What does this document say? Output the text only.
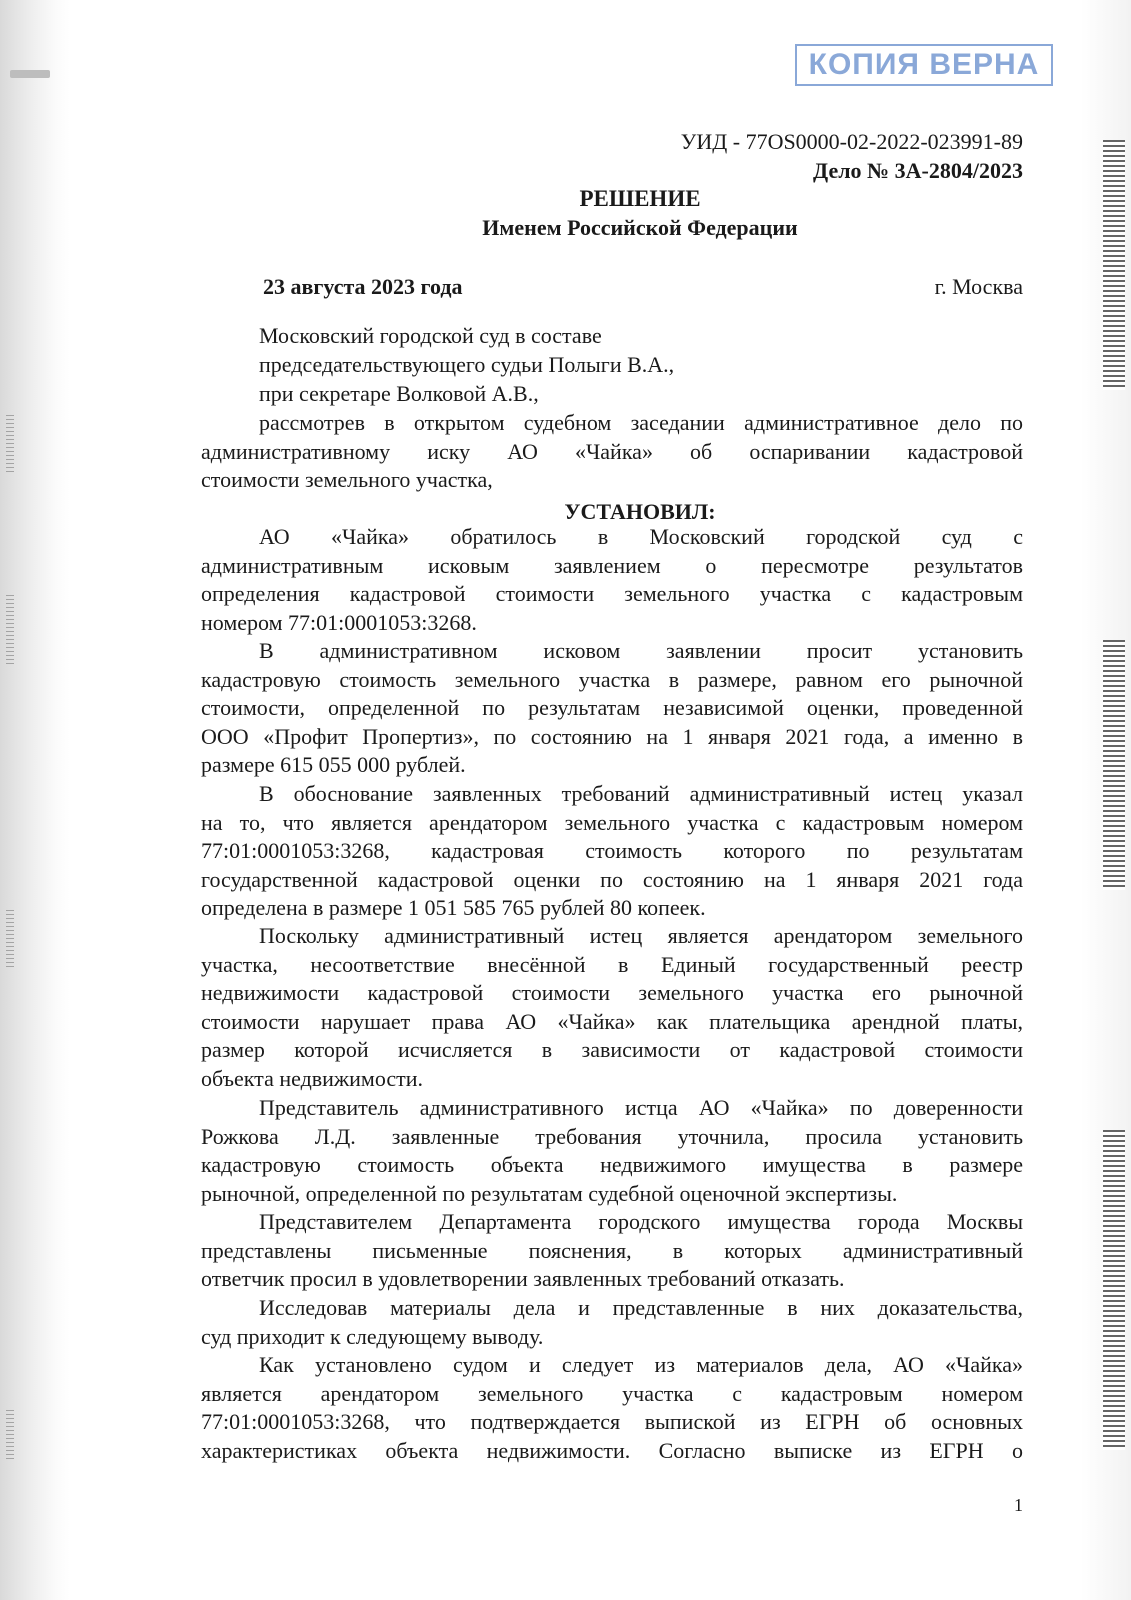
КОПИЯ ВЕРНА
УИД - 77OS0000-02-2022-023991-89
Дело № 3А-2804/2023
РЕШЕНИЕ
Именем Российской Федерации
23 августа 2023 года	г. Москва
Московский городской суд в составе
председательствующего судьи Полыги В.А.,
при секретаре Волковой А.В.,
рассмотрев в открытом судебном заседании административное дело по
административному иску АО «Чайка» об оспаривании кадастровой
стоимости земельного участка,
УСТАНОВИЛ:
АО «Чайка» обратилось в Московский городской суд с
административным исковым заявлением о пересмотре результатов
определения кадастровой стоимости земельного участка с кадастровым
номером 77:01:0001053:3268.
В административном исковом заявлении просит установить
кадастровую стоимость земельного участка в размере, равном его рыночной
стоимости, определенной по результатам независимой оценки, проведенной
ООО «Профит Пропертиз», по состоянию на 1 января 2021 года, а именно в
размере 615 055 000 рублей.
В обоснование заявленных требований административный истец указал
на то, что является арендатором земельного участка с кадастровым номером
77:01:0001053:3268, кадастровая стоимость которого по результатам
государственной кадастровой оценки по состоянию на 1 января 2021 года
определена в размере 1 051 585 765 рублей 80 копеек.
Поскольку административный истец является арендатором земельного
участка, несоответствие внесённой в Единый государственный реестр
недвижимости кадастровой стоимости земельного участка его рыночной
стоимости нарушает права АО «Чайка» как плательщика арендной платы,
размер которой исчисляется в зависимости от кадастровой стоимости
объекта недвижимости.
Представитель административного истца АО «Чайка» по доверенности
Рожкова Л.Д. заявленные требования уточнила, просила установить
кадастровую стоимость объекта недвижимого имущества в размере
рыночной, определенной по результатам судебной оценочной экспертизы.
Представителем Департамента городского имущества города Москвы
представлены письменные пояснения, в которых административный
ответчик просил в удовлетворении заявленных требований отказать.
Исследовав материалы дела и представленные в них доказательства,
суд приходит к следующему выводу.
Как установлено судом и следует из материалов дела, АО «Чайка»
является арендатором земельного участка с кадастровым номером
77:01:0001053:3268, что подтверждается выпиской из ЕГРН об основных
характеристиках объекта недвижимости. Согласно выписке из ЕГРН о
1
